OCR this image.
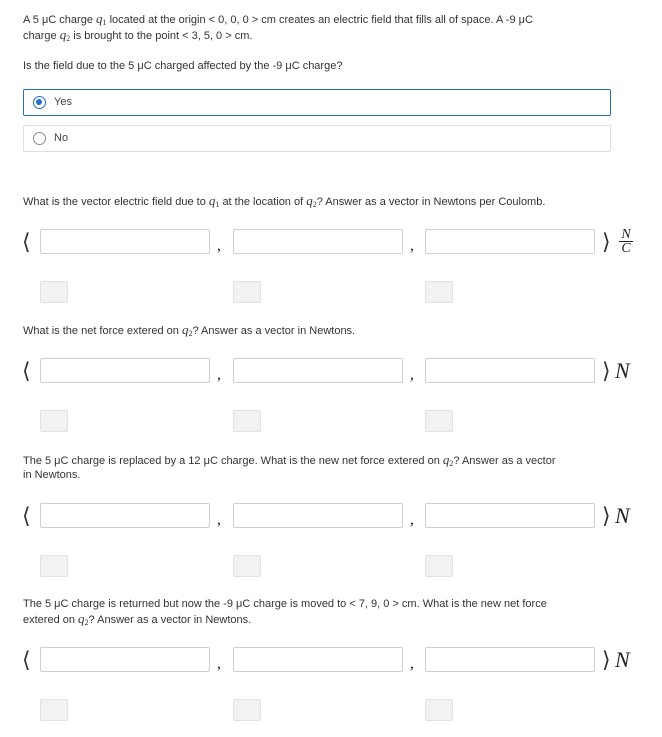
A 5 μC charge $q_1$ located at the origin < 0, 0, 0 > cm creates an electric field that fills all of space. A -9 μC
charge $q_2$ is brought to the point < 3, 5, 0 > cm.
Is the field due to the 5 μC charged affected by the -9 μC charge?
Yes
No
What is the vector electric field due to $q_1$ at the location of $q_2$? Answer as a vector in Newtons per Coulomb.
⟨	,	,	⟩ $\frac{N}{C}$
What is the net force extered on $q_2$? Answer as a vector in Newtons.
⟨	,	,	⟩ N
The 5 μC charge is replaced by a 12 μC charge. What is the new net force extered on $q_2$? Answer as a vector
in Newtons.
⟨	,	,	⟩ N
The 5 μC charge is returned but now the -9 μC charge is moved to < 7, 9, 0 > cm. What is the new net force
extered on $q_2$? Answer as a vector in Newtons.
⟨	,	,	⟩ N
